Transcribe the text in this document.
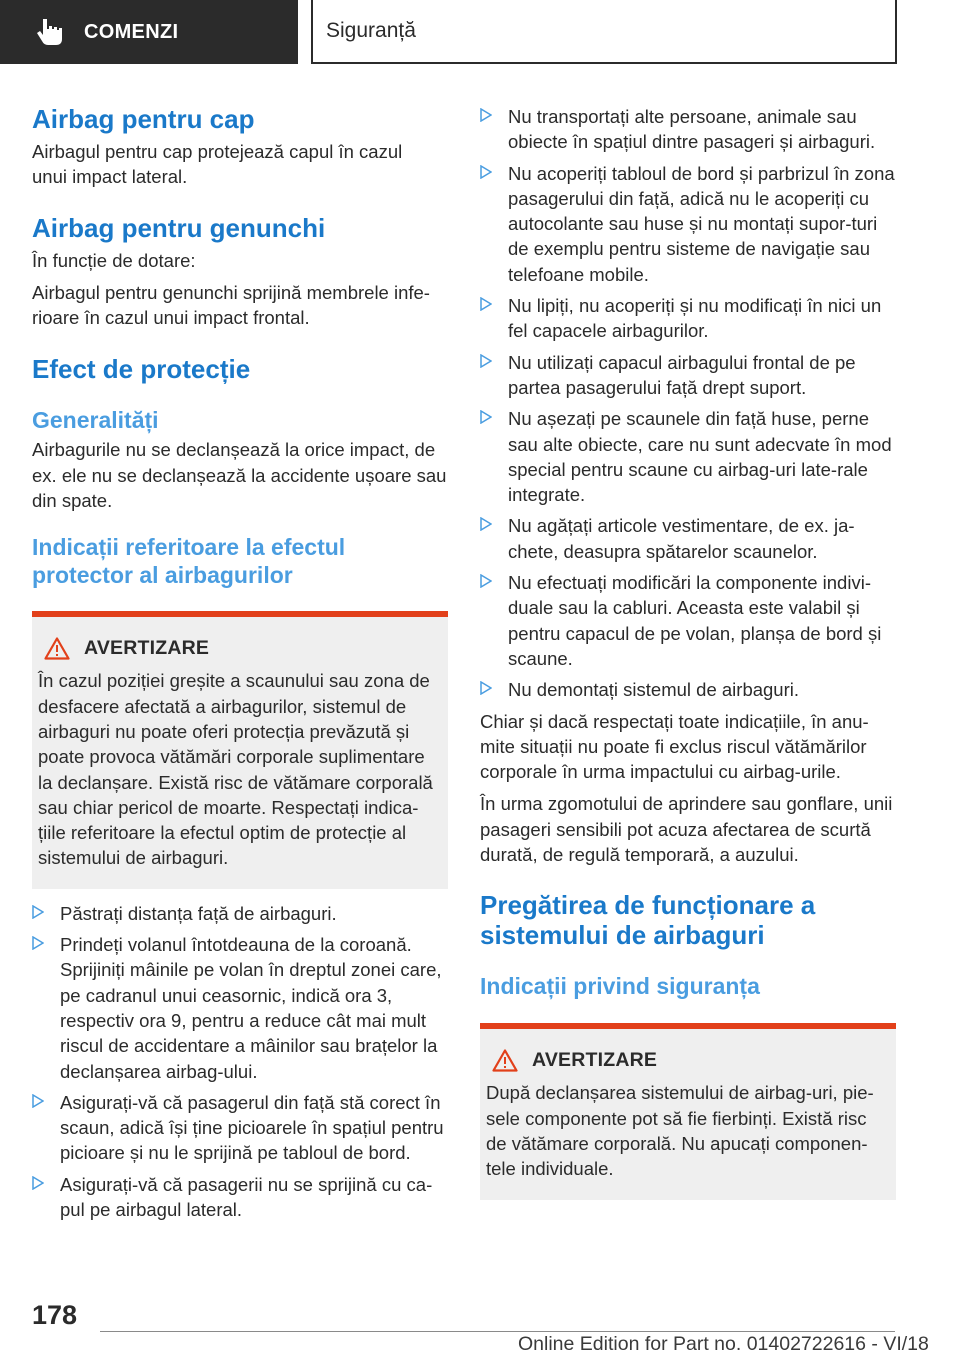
COMENZI	Siguranță
Airbag pentru cap

Airbagul pentru cap protejează capul în cazul unui impact lateral.

Airbag pentru genunchi

În funcție de dotare:

Airbagul pentru genunchi sprijină membrele infe‐rioare în cazul unui impact frontal.

Efect de protecție
Generalități

Airbagurile nu se declanșează la orice impact, de ex. ele nu se declanșează la accidente ușoare sau din spate.

Indicații referitoare la efectul protector al airbagurilor
AVERTIZARE

În cazul poziției greșite a scaunului sau zona de desfacere afectată a airbagurilor, sistemul de airbaguri nu poate oferi protecția prevăzută și poate provoca vătămări corporale suplimentare la declanșare. Există risc de vătămare corporală sau chiar pericol de moarte. Respectați indica‐țiile referitoare la efectul optim de protecție al sistemului de airbaguri.

Păstrați distanța față de airbaguri.
Prindeți volanul întotdeauna de la coroană. Sprijiniți mâinile pe volan în dreptul zonei care, pe cadranul unui ceasornic, indică ora 3, respectiv ora 9, pentru a reduce cât mai mult riscul de accidentare a mâinilor sau brațelor la declanșarea airbag-ului.
Asigurați-vă că pasagerul din față stă corect în scaun, adică își ține picioarele în spațiul pentru picioare și nu le sprijină pe tabloul de bord.
Asigurați-vă că pasagerii nu se sprijină cu ca‐pul pe airbagul lateral.
Nu transportați alte persoane, animale sau obiecte în spațiul dintre pasageri și airbaguri.
Nu acoperiți tabloul de bord și parbrizul în zona pasagerului din față, adică nu le acoperiți cu autocolante sau huse și nu montați supor‐turi de exemplu pentru sisteme de navigație sau telefoane mobile.
Nu lipiți, nu acoperiți și nu modificați în nici un fel capacele airbagurilor.
Nu utilizați capacul airbagului frontal de pe partea pasagerului față drept suport.
Nu așezați pe scaunele din față huse, perne sau alte obiecte, care nu sunt adecvate în mod special pentru scaune cu airbag-uri late‐rale integrate.
Nu agățați articole vestimentare, de ex. ja‐chete, deasupra spătarelor scaunelor.
Nu efectuați modificări la componente indivi‐duale sau la cabluri. Aceasta este valabil și pentru capacul de pe volan, planșa de bord și scaune.
Nu demontați sistemul de airbaguri.

Chiar și dacă respectați toate indicațiile, în anu‐mite situații nu poate fi exclus riscul vătămărilor corporale în urma impactului cu airbag-urile.

În urma zgomotului de aprindere sau gonflare, unii pasageri sensibili pot acuza afectarea de scurtă durată, de regulă temporară, a auzului.

Pregătirea de funcționare a sistemului de airbaguri
Indicații privind siguranța
AVERTIZARE

După declanșarea sistemului de airbag-uri, pie‐sele componente pot să fie fierbinți. Există risc de vătămare corporală. Nu apucați componen‐tele individuale.

178
Online Edition for Part no. 01402722616 - VI/18
